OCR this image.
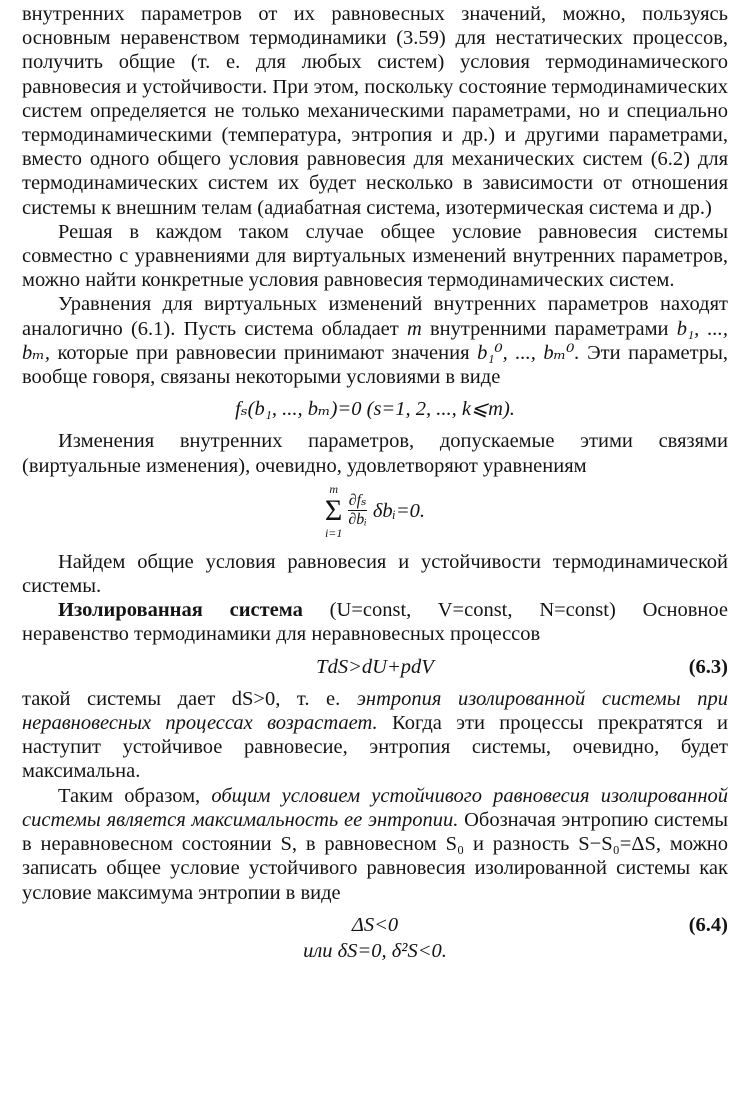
внутренних параметров от их равновесных значений, можно, пользуясь основным неравенством термодинамики (3.59) для нестатических процессов, получить общие (т. е. для любых систем) условия термодинамического равновесия и устойчивости. При этом, поскольку состояние термодинамических систем определяется не только механическими параметрами, но и специально термодинамическими (температура, энтропия и др.) и другими параметрами, вместо одного общего условия равновесия для механических систем (6.2) для термодинамических систем их будет несколько в зависимости от отношения системы к внешним телам (адиабатная система, изотермическая система и др.)

Решая в каждом таком случае общее условие равновесия системы совместно с уравнениями для виртуальных изменений внутренних параметров, можно найти конкретные условия равновесия термодинамических систем.

Уравнения для виртуальных изменений внутренних параметров находят аналогично (6.1). Пусть система обладает m внутренними параметрами b₁, ..., bₘ, которые при равновесии принимают значения b₁⁰, ..., bₘ⁰. Эти параметры, вообще говоря, связаны некоторыми условиями в виде

fₛ(b₁, ..., bₘ)=0 (s=1, 2, ..., k⩽m).

Изменения внутренних параметров, допускаемые этими связями (виртуальные изменения), очевидно, удовлетворяют уравнениям

m
Σ
i=1
$\frac{\text{∂fₛ}}{\text{∂bᵢ}}$ δbᵢ=0.

Найдем общие условия равновесия и устойчивости термодинамической системы.

Изолированная система (U=const, V=const, N=const) Основное неравенство термодинамики для неравновесных процессов

TdS>dU+pdV	(6.3)

такой системы дает dS>0, т. е. энтропия изолированной системы при неравновесных процессах возрастает. Когда эти процессы прекратятся и наступит устойчивое равновесие, энтропия системы, очевидно, будет максимальна.

Таким образом, общим условием устойчивого равновесия изолированной системы является максимальность ее энтропии. Обозначая энтропию системы в неравновесном состоянии S, в равновесном S₀ и разность S−S₀=ΔS, можно записать общее условие устойчивого равновесия изолированной системы как условие максимума энтропии в виде

ΔS<0	(6.4)
или δS=0, δ²S<0.
